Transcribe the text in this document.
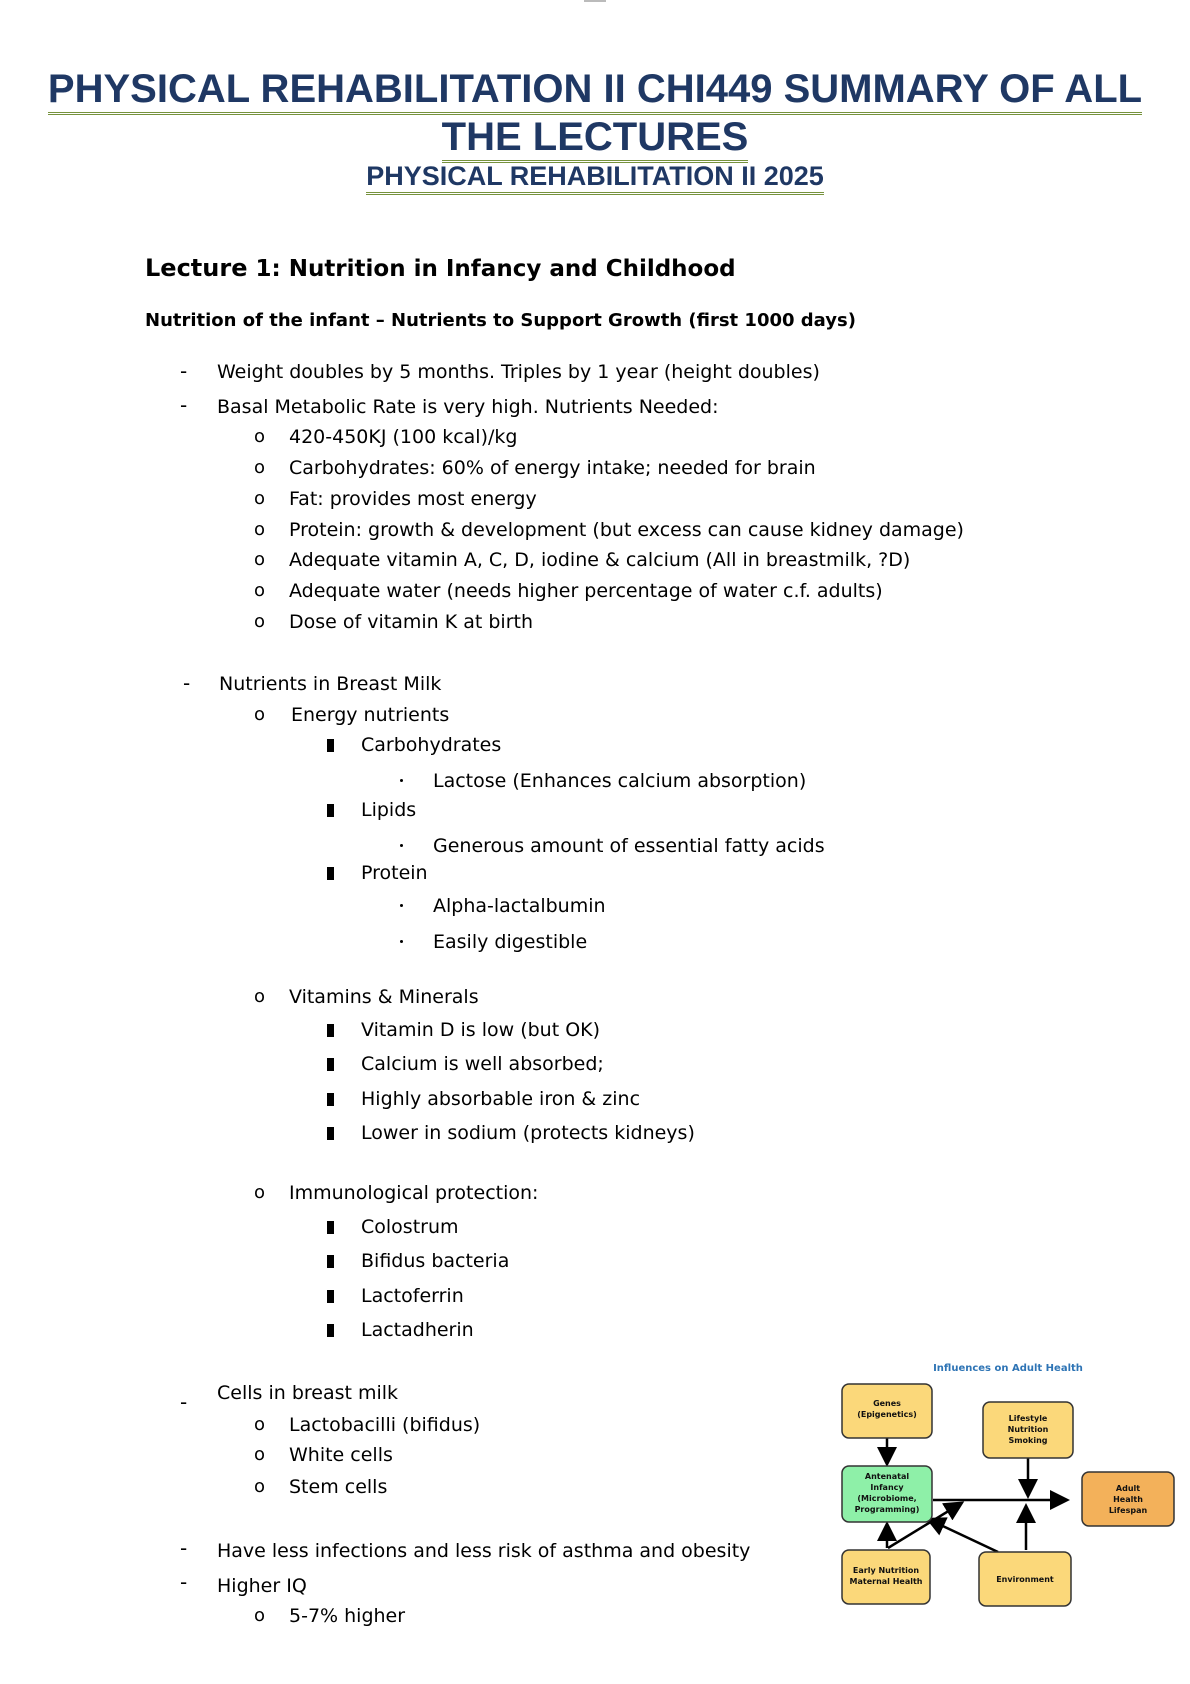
PHYSICAL REHABILITATION II CHI449 SUMMARY OF ALL
THE LECTURES
PHYSICAL REHABILITATION II 2025
Lecture 1: Nutrition in Infancy and Childhood
Nutrition of the infant – Nutrients to Support Growth (first 1000 days)
- Weight doubles by 5 months. Triples by 1 year (height doubles)
- Basal Metabolic Rate is very high. Nutrients Needed:
o 420-450KJ (100 kcal)/kg
o Carbohydrates: 60% of energy intake; needed for brain
o Fat: provides most energy
o Protein: growth & development (but excess can cause kidney damage)
o Adequate vitamin A, C, D, iodine & calcium (All in breastmilk, ?D)
o Adequate water (needs higher percentage of water c.f. adults)
o Dose of vitamin K at birth
- Nutrients in Breast Milk
o Energy nutrients
Carbohydrates
Lactose (Enhances calcium absorption)
Lipids
Generous amount of essential fatty acids
Protein
Alpha-lactalbumin
Easily digestible
o Vitamins & Minerals
Vitamin D is low (but OK)
Calcium is well absorbed;
Highly absorbable iron & zinc
Lower in sodium (protects kidneys)
o Immunological protection:
Colostrum
Bifidus bacteria
Lactoferrin
Lactadherin
- Cells in breast milk
o Lactobacilli (bifidus)
o White cells
o Stem cells
- Have less infections and less risk of asthma and obesity
- Higher IQ
o 5-7% higher
Influences on Adult Health
Genes
(Epigenetics)	Lifestyle
Nutrition
Smoking
Antenatal
Infancy
(Microbiome,
Programming)
Adult
Health
Lifespan
Early Nutrition
Maternal Health	Environment
